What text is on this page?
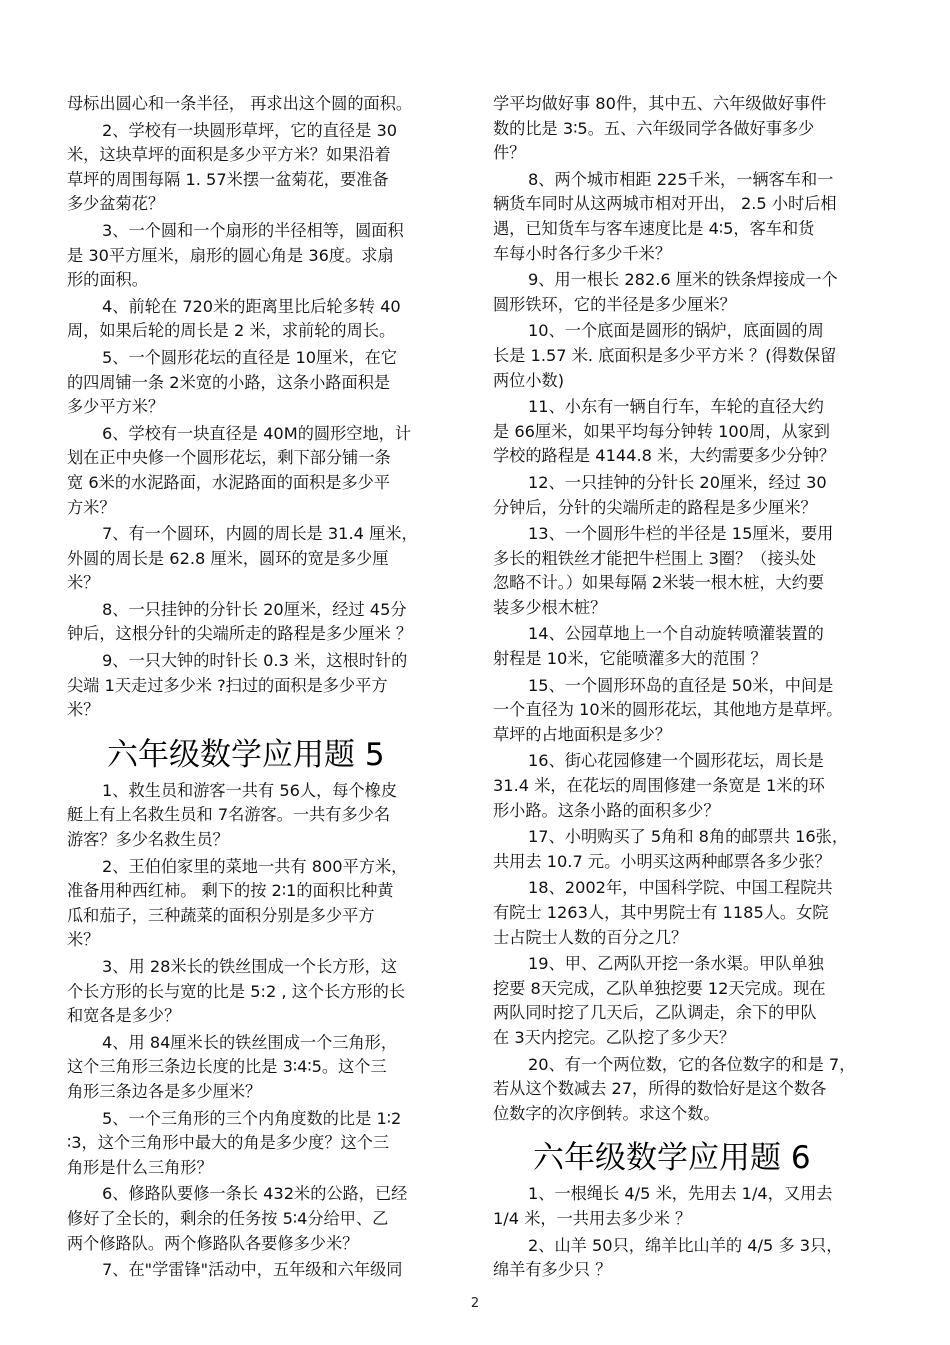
母标出圆心和一条半径， 再求出这个圆的面积。
2、学校有一块圆形草坪，它的直径是 30
米，这块草坪的面积是多少平方米？如果沿着
草坪的周围每隔 1. 57米摆一盆菊花，要准备
多少盆菊花？
3、一个圆和一个扇形的半径相等，圆面积
是 30平方厘米，扇形的圆心角是 36度。求扇
形的面积。
4、前轮在 720米的距离里比后轮多转 40
周，如果后轮的周长是 2 米，求前轮的周长。
5、一个圆形花坛的直径是 10厘米，在它
的四周铺一条 2米宽的小路，这条小路面积是
多少平方米？
6、学校有一块直径是 40M的圆形空地，计
划在正中央修一个圆形花坛，剩下部分铺一条
宽 6米的水泥路面，水泥路面的面积是多少平
方米？
7、有一个圆环，内圆的周长是 31.4 厘米，
外圆的周长是 62.8 厘米，圆环的宽是多少厘
米？
8、一只挂钟的分针长 20厘米，经过 45分
钟后，这根分针的尖端所走的路程是多少厘米 ？
9、一只大钟的时针长 0.3 米，这根时针的
尖端 1天走过多少米 ?扫过的面积是多少平方
米？
六年级数学应用题 5
1、救生员和游客一共有 56人，每个橡皮
艇上有上名救生员和 7名游客。一共有多少名
游客？多少名救生员？
2、王伯伯家里的菜地一共有 800平方米，
准备用种西红柿。 剩下的按 2∶1的面积比种黄
瓜和茄子，三种蔬菜的面积分别是多少平方
米？
3、用 28米长的铁丝围成一个长方形，这
个长方形的长与宽的比是 5:2 , 这个长方形的长
和宽各是多少？
4、用 84厘米长的铁丝围成一个三角形，
这个三角形三条边长度的比是 3∶4∶5。这个三
角形三条边各是多少厘米？
5、一个三角形的三个内角度数的比是 1∶2
∶3，这个三角形中最大的角是多少度？这个三
角形是什么三角形？
6、修路队要修一条长 432米的公路，已经
修好了全长的，剩余的任务按 5∶4分给甲、乙
两个修路队。两个修路队各要修多少米？
7、在"学雷锋"活动中，五年级和六年级同
学平均做好事 80件，其中五、六年级做好事件
数的比是 3∶5。五、六年级同学各做好事多少
件？
8、两个城市相距 225千米，一辆客车和一
辆货车同时从这两城市相对开出， 2.5 小时后相
遇，已知货车与客车速度比是 4∶5，客车和货
车每小时各行多少千米？
9、用一根长 282.6 厘米的铁条焊接成一个
圆形铁环，它的半径是多少厘米？
10、一个底面是圆形的锅炉，底面圆的周
长是 1.57 米. 底面积是多少平方米 ？(得数保留
两位小数)
11、小东有一辆自行车，车轮的直径大约
是 66厘米，如果平均每分钟转 100周，从家到
学校的路程是 4144.8 米，大约需要多少分钟？
12、一只挂钟的分针长 20厘米，经过 30
分钟后，分针的尖端所走的路程是多少厘米？
13、一个圆形牛栏的半径是 15厘米，要用
多长的粗铁丝才能把牛栏围上 3圈？（接头处
忽略不计。）如果每隔 2米装一根木桩，大约要
装多少根木桩？
14、公园草地上一个自动旋转喷灌装置的
射程是 10米，它能喷灌多大的范围 ？
15、一个圆形环岛的直径是 50米，中间是
一个直径为 10米的圆形花坛，其他地方是草坪。
草坪的占地面积是多少？
16、街心花园修建一个圆形花坛，周长是
31.4 米，在花坛的周围修建一条宽是 1米的环
形小路。这条小路的面积多少？
17、小明购买了 5角和 8角的邮票共 16张，
共用去 10.7 元。小明买这两种邮票各多少张？
18、2002年，中国科学院、中国工程院共
有院士 1263人，其中男院士有 1185人。女院
士占院士人数的百分之几？
19、甲、乙两队开挖一条水渠。甲队单独
挖要 8天完成，乙队单独挖要 12天完成。现在
两队同时挖了几天后，乙队调走，余下的甲队
在 3天内挖完。乙队挖了多少天？
20、有一个两位数，它的各位数字的和是 7，
若从这个数减去 27，所得的数恰好是这个数各
位数字的次序倒转。求这个数。
六年级数学应用题 6
1、一根绳长 4/5 米，先用去 1/4，又用去
1/4 米，一共用去多少米 ？
2、山羊 50只，绵羊比山羊的 4/5 多 3只，
绵羊有多少只 ？
2
